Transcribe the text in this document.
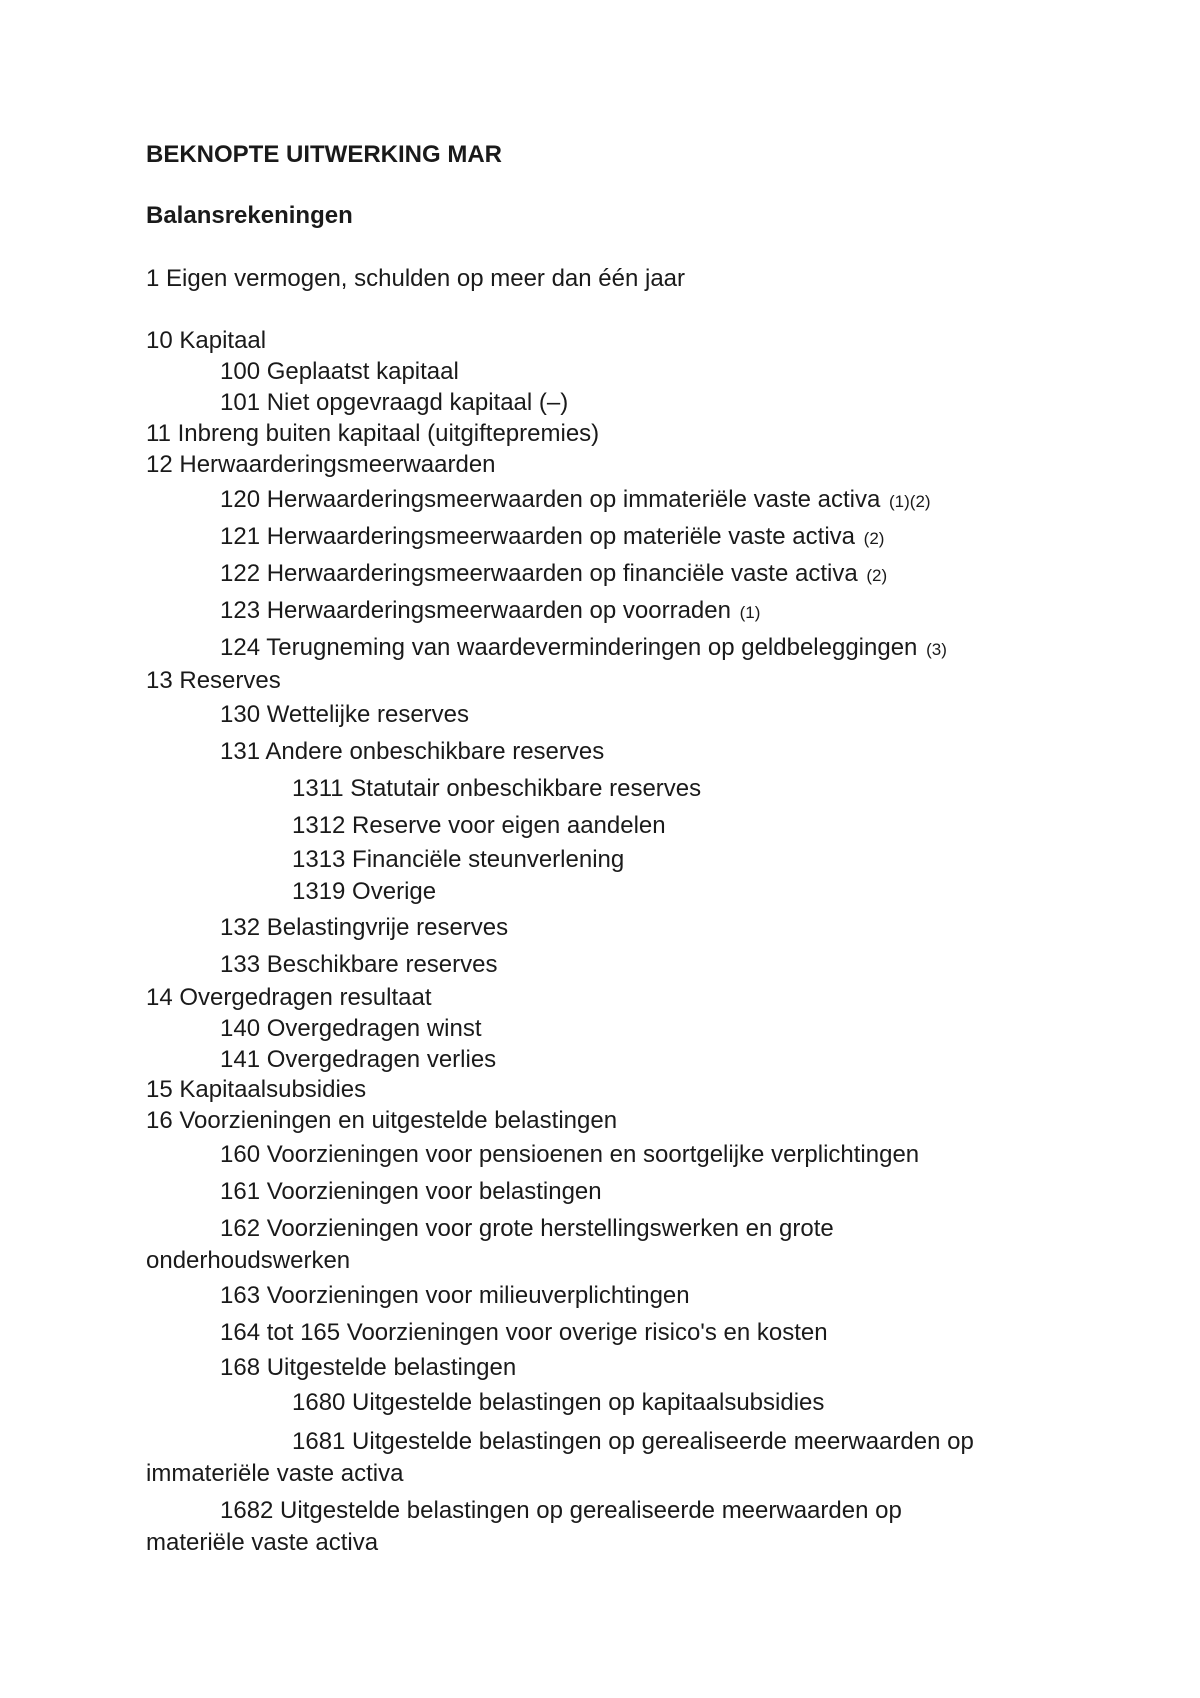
BEKNOPTE UITWERKING MAR
Balansrekeningen

1 Eigen vermogen, schulden op meer dan één jaar

10 Kapitaal

100 Geplaatst kapitaal

101 Niet opgevraagd kapitaal (–)

11 Inbreng buiten kapitaal (uitgiftepremies)

12 Herwaarderingsmeerwaarden

120 Herwaarderingsmeerwaarden op immateriële vaste activa (1)(2)

121 Herwaarderingsmeerwaarden op materiële vaste activa (2)

122 Herwaarderingsmeerwaarden op financiële vaste activa (2)

123 Herwaarderingsmeerwaarden op voorraden (1)

124 Terugneming van waardeverminderingen op geldbeleggingen (3)

13 Reserves

130 Wettelijke reserves

131 Andere onbeschikbare reserves

1311 Statutair onbeschikbare reserves

1312 Reserve voor eigen aandelen

1313 Financiële steunverlening

1319 Overige

132 Belastingvrije reserves

133 Beschikbare reserves

14 Overgedragen resultaat

140 Overgedragen winst

141 Overgedragen verlies

15 Kapitaalsubsidies

16 Voorzieningen en uitgestelde belastingen

160 Voorzieningen voor pensioenen en soortgelijke verplichtingen

161 Voorzieningen voor belastingen

162 Voorzieningen voor grote herstellingswerken en grote

onderhoudswerken

163 Voorzieningen voor milieuverplichtingen

164 tot 165 Voorzieningen voor overige risico's en kosten

168 Uitgestelde belastingen

1680 Uitgestelde belastingen op kapitaalsubsidies

1681 Uitgestelde belastingen op gerealiseerde meerwaarden op

immateriële vaste activa

1682 Uitgestelde belastingen op gerealiseerde meerwaarden op

materiële vaste activa
